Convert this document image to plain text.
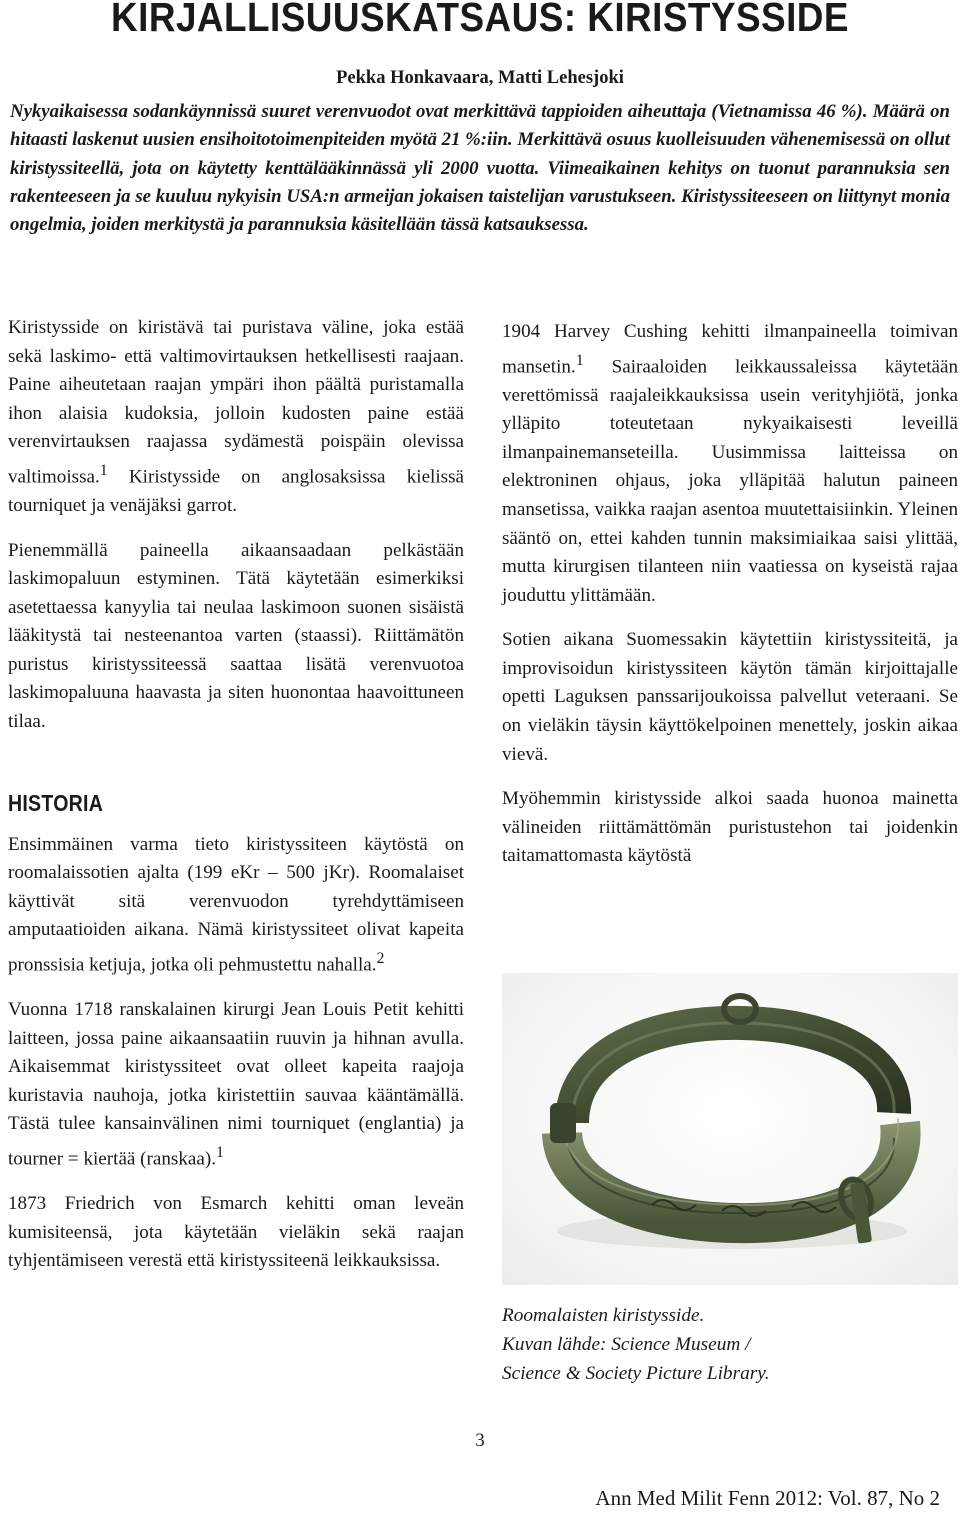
KIRJALLISUUSKATSAUS: KIRISTYSSIDE
Pekka Honkavaara, Matti Lehesjoki

Nykyaikaisessa sodankäynnissä suuret verenvuodot ovat merkittävä tappioiden aiheuttaja (Vietnamissa 46 %). Määrä on hitaasti laskenut uusien ensihoitotoimenpiteiden myötä 21 %:iin. Merkittävä osuus kuolleisuuden vähenemisessä on ollut kiristyssiteellä, jota on käytetty kenttälääkinnässä yli 2000 vuotta. Viimeaikainen kehitys on tuonut parannuksia sen rakenteeseen ja se kuuluu nykyisin USA:n armeijan jokaisen taistelijan varustukseen. Kiristyssiteeseen on liittynyt monia ongelmia, joiden merkitystä ja parannuksia käsitellään tässä katsauksessa.

Kiristysside on kiristävä tai puristava väline, joka estää sekä laskimo- että valtimovirtauksen hetkellisesti raajaan. Paine aiheutetaan raajan ympäri ihon päältä puristamalla ihon alaisia kudoksia, jolloin kudosten paine estää verenvirtauksen raajassa sydämestä poispäin olevissa valtimoissa.$^1$ Kiristysside on anglosaksissa kielissä tourniquet ja venäjäksi garrot.

Pienemmällä paineella aikaansaadaan pelkästään laskimopaluun estyminen. Tätä käytetään esimerkiksi asetettaessa kanyylia tai neulaa laskimoon suonen sisäistä lääkitystä tai nesteenantoa varten (staassi). Riittämätön puristus kiristyssiteessä saattaa lisätä verenvuotoa laskimopaluuna haavasta ja siten huonontaa haavoittuneen tilaa.

HISTORIA

Ensimmäinen varma tieto kiristyssiteen käytöstä on roomalaissotien ajalta (199 eKr – 500 jKr). Roomalaiset käyttivät sitä verenvuodon tyrehdyttämiseen amputaatioiden aikana. Nämä kiristyssiteet olivat kapeita pronssisia ketjuja, jotka oli pehmustettu nahalla.$^2$

Vuonna 1718 ranskalainen kirurgi Jean Louis Petit kehitti laitteen, jossa paine aikaansaatiin ruuvin ja hihnan avulla. Aikaisemmat kiristyssiteet ovat olleet kapeita raajoja kuristavia nauhoja, jotka kiristettiin sauvaa kääntämällä. Tästä tulee kansainvälinen nimi tourniquet (englantia) ja tourner = kiertää (ranskaa).$^1$

1873 Friedrich von Esmarch kehitti oman leveän kumisiteensä, jota käytetään vieläkin sekä raajan tyhjentämiseen verestä että kiristyssiteenä leikkauksissa.

1904 Harvey Cushing kehitti ilmanpaineella toimivan mansetin.$^1$ Sairaaloiden leikkaussaleissa käytetään verettömissä raajaleikkauksissa usein verityhjiötä, jonka ylläpito toteutetaan nykyaikaisesti leveillä ilmanpainemanseteilla. Uusimmissa laitteissa on elektroninen ohjaus, joka ylläpitää halutun paineen mansetissa, vaikka raajan asentoa muutettaisiinkin. Yleinen sääntö on, ettei kahden tunnin maksimiaikaa saisi ylittää, mutta kirurgisen tilanteen niin vaatiessa on kyseistä rajaa jouduttu ylittämään.

Sotien aikana Suomessakin käytettiin kiristyssiteitä, ja improvisoidun kiristyssiteen käytön tämän kirjoittajalle opetti Laguksen panssarijoukoissa palvellut veteraani. Se on vieläkin täysin käyttökelpoinen menettely, joskin aikaa vievä.

Myöhemmin kiristysside alkoi saada huonoa mainetta välineiden riittämättömän puristustehon tai joidenkin taitamattomasta käytöstä

Roomalaisten kiristysside.
Kuvan lähde: Science Museum /
Science & Society Picture Library.
3
Ann Med Milit Fenn 2012: Vol. 87, No 2
